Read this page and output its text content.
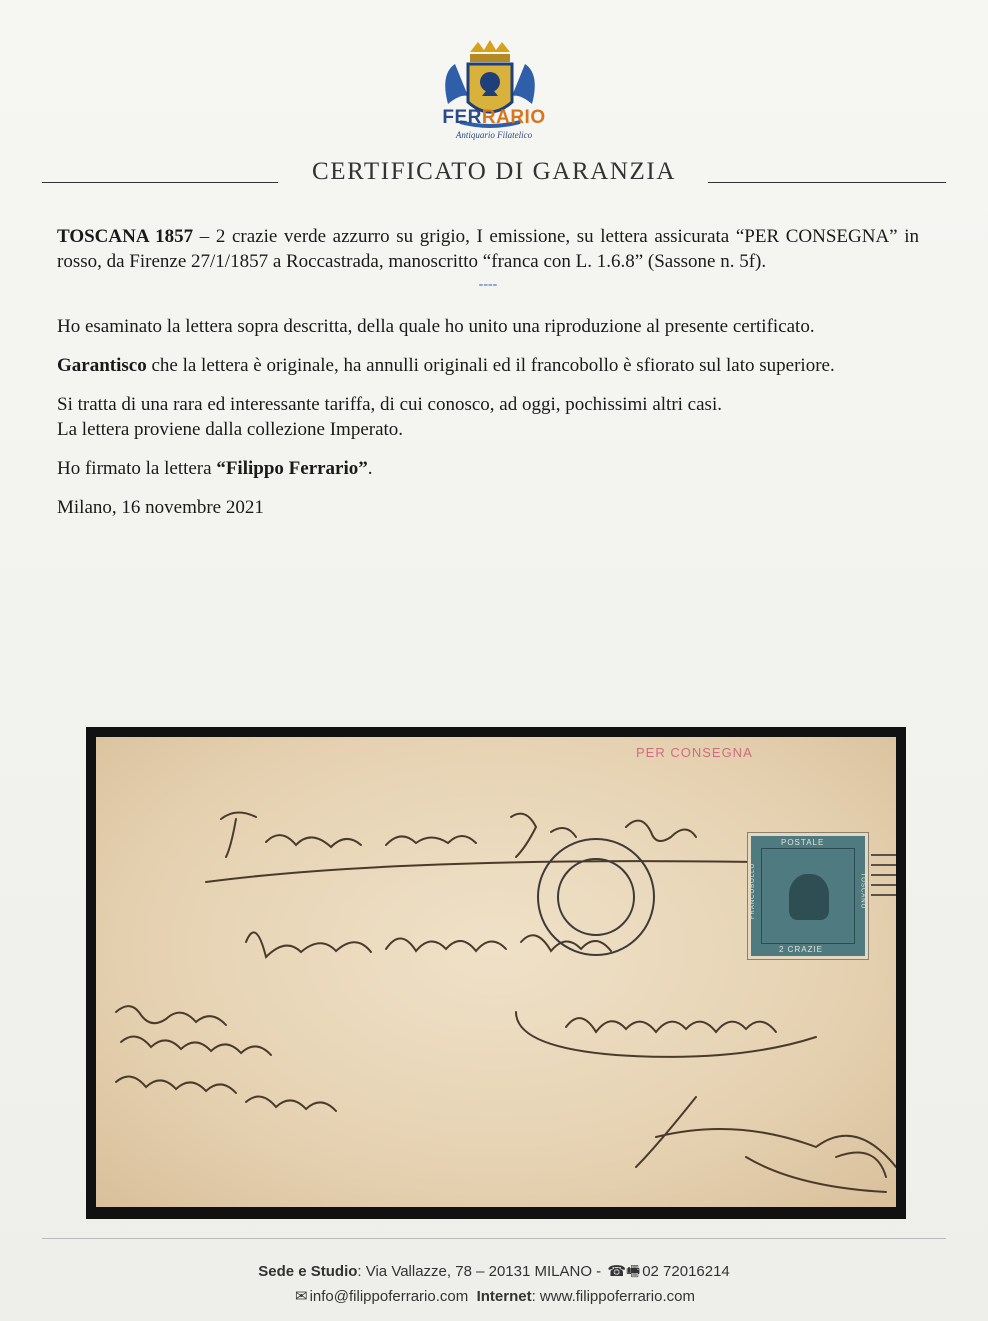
FERRARIO
Antiquario Filatelico
CERTIFICATO DI GARANZIA

TOSCANA 1857 – 2 crazie verde azzurro su grigio, I emissione, su lettera assicurata “PER CONSEGNA” in rosso, da Firenze 27/1/1857 a Roccastrada, manoscritto “franca con L. 1.6.8” (Sassone n. 5f).

----

Ho esaminato la lettera sopra descritta, della quale ho unito una riproduzione al presente certificato.

Garantisco che la lettera è originale, ha annulli originali ed il francobollo è sfiorato sul lato superiore.

Si tratta di una rara ed interessante tariffa, di cui conosco, ad oggi, pochissimi altri casi.

La lettera proviene dalla collezione Imperato.

Ho firmato la lettera “Filippo Ferrario”.

Milano, 16 novembre 2021

PER CONSEGNA
POSTALE
2 CRAZIE
FRANCOBOLLO	TOSCANO
Sede e Studio: Via Vallazze, 78 – 20131 MILANO - ☎🖷 02 72016214
✉ info@filippoferrario.com Internet: www.filippoferrario.com
